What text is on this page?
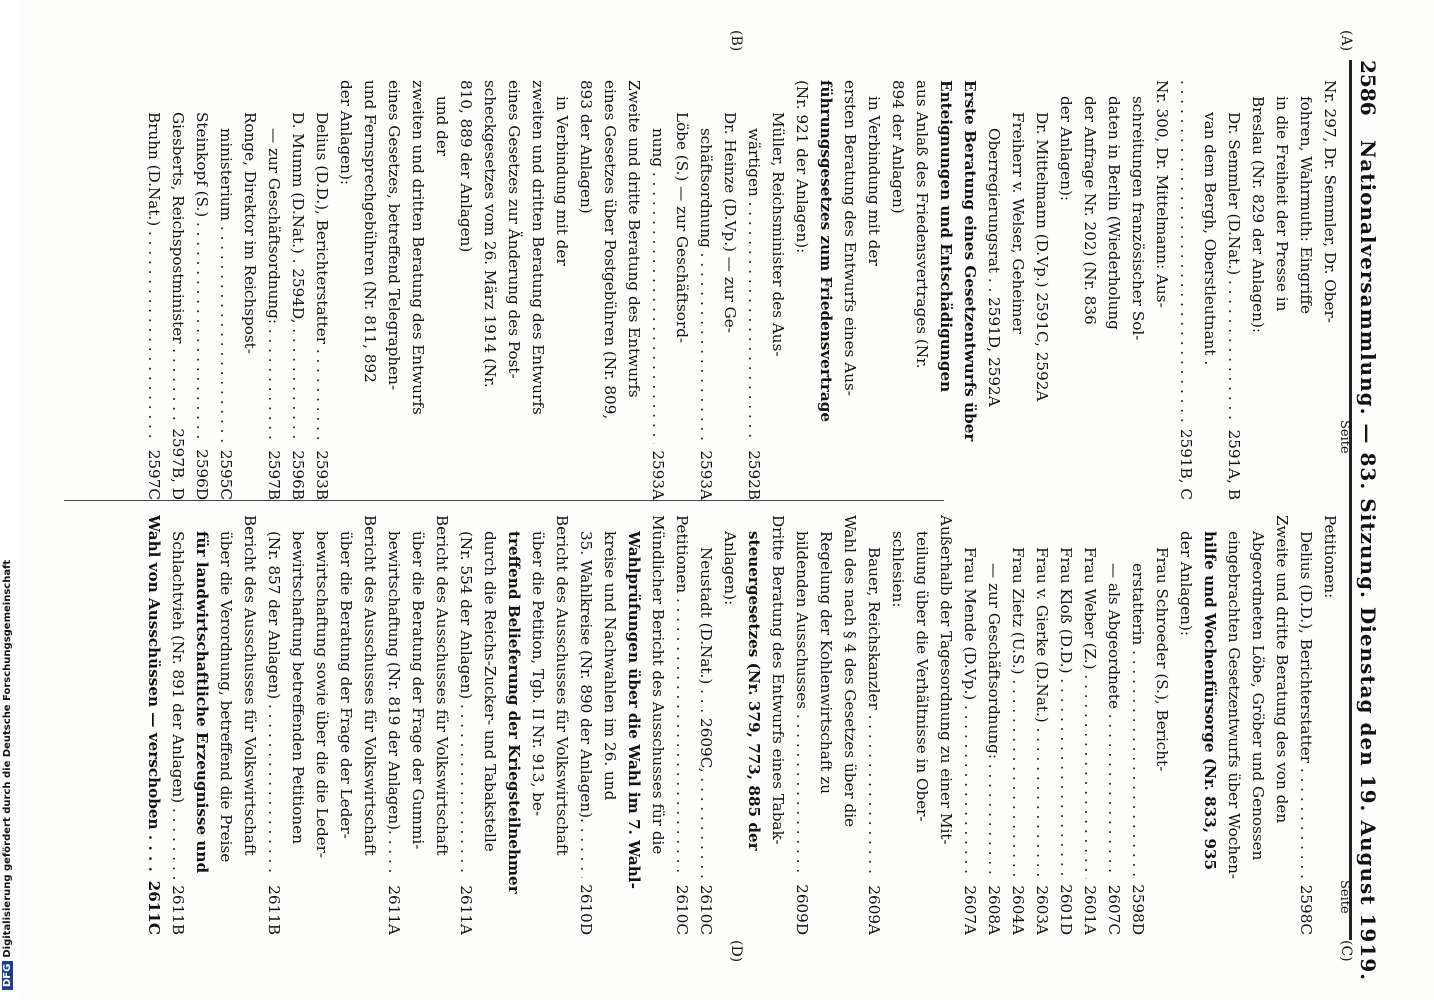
DFGDigitalisierung gefördert durch die Deutsche Forschungsgemeinschaft
2586
Nationalversammlung. — 83. Sitzung. Dienstag den 19. August 1919.
Seite
Seite
(A)
(B)
(C)
(D)
Nr. 297, Dr. Semmler, Dr. Ober-
fohren, Wahrmuth: Eingriffe
in die Freiheit der Presse in
Breslau (Nr. 829 der Anlagen):
Dr. Semmler (D.Nat.) . . . . . .
2591A, B
van dem Bergh, Oberstleutnant .
. . .
2591B, C
Nr. 300, Dr. Mittelmann: Aus-
schreitungen französischer Sol-
daten in Berlin (Wiederholung
der Anfrage Nr. 202) (Nr. 836
der Anlagen):
Dr. Mittelmann (D.Vp.) 2591C, 2592A
Freiherr v. Welser, Geheimer
Oberregierungsrat . . 2591D, 2592A
Erste Beratung eines Gesetzentwurfs über
Enteignungen und Entschädigungen
aus Anlaß des Friedensvertrages (Nr.
894 der Anlagen)
in Verbindung mit der
ersten Beratung des Entwurfs eines Aus-
führungsgesetzes zum Friedensvertrage
(Nr. 921 der Anlagen):
Müller, Reichsminister des Aus-
wärtigen . . .
2592B
Dr. Heinze (D.Vp.) — zur Ge-
schäftsordnung . . .
2593A
Löbe (S.) — zur Geschäftsord-
nung . . .
2593A
Zweite und dritte Beratung des Entwurfs
eines Gesetzes über Postgebühren (Nr. 809,
893 der Anlagen)
in Verbindung mit der
zweiten und dritten Beratung des Entwurfs
eines Gesetzes zur Änderung des Post-
scheckgesetzes vom 26. März 1914 (Nr.
810, 889 der Anlagen)
und der
zweiten und dritten Beratung des Entwurfs
eines Gesetzes, betreffend Telegraphen-
und Fernsprechgebühren (Nr. 811, 892
der Anlagen):
Delius (D.D.), Berichterstatter . . .
2593B
D. Mumm (D.Nat.) . 2594D, . . .
2596B
— zur Geschäftsordnung: . . .
2597B
Ronge, Direktor im Reichspost-
ministerium . . .
2595C
Steinkopf (S.) . . .
2596D
Giesberts, Reichspostminister . . .
2597B, D
Bruhn (D.Nat.) . . .
2597C
Petitionen:
Delius (D.D.), Berichterstatter . . .
2598C
Zweite und dritte Beratung des von den
Abgeordneten Löbe, Gröber und Genossen
eingebrachten Gesetzentwurfs über Wochen-
hilfe und Wochenfürsorge (Nr. 833, 935
der Anlagen):
Frau Schroeder (S.), Bericht-
erstatterin . . .
2598D
— als Abgeordnete . . .
2607C
Frau Weber (Z.) . . .
2601A
Frau Kloß (D.D.) . . .
2601D
Frau v. Gierke (D.Nat.) . . .
2603A
Frau Zietz (U.S.) . . .
2604A
— zur Geschäftsordnung: . . .
2608A
Frau Mende (D.Vp.) . . .
2607A
Außerhalb der Tagesordnung zu einer Mit-
teilung über die Verhältnisse in Ober-
schlesien:
Bauer, Reichskanzler . . .
2609A
Wahl des nach § 4 des Gesetzes über die
Regelung der Kohlenwirtschaft zu
bildenden Ausschusses . . .
2609D
Dritte Beratung des Entwurfs eines Tabak-
steuergesetzes (Nr. 379, 773, 885 der
Anlagen):
Neustadt (D.Nat.) . . . 2609C, . . .
2610C
Petitionen . . .
2610C
Mündlicher Bericht des Ausschusses für die
Wahlprüfungen über die Wahl im 7. Wahl-
kreise und Nachwahlen im 26. und
35. Wahlkreise (Nr. 890 der Anlagen). . . .
2610D
Bericht des Ausschusses für Volkswirtschaft
über die Petition, Tgb. II Nr. 913, be-
treffend Belieferung der Kriegsteilnehmer
durch die Reichs-Zucker- und Tabakstelle
(Nr. 554 der Anlagen) . . .
2611A
Bericht des Ausschusses für Volkswirtschaft
über die Beratung der Frage der Gummi-
bewirtschaftung (Nr. 819 der Anlagen). . . .
2611A
Bericht des Ausschusses für Volkswirtschaft
über die Beratung der Frage der Leder-
bewirtschaftung sowie über die die Leder-
bewirtschaftung betreffenden Petitionen
(Nr. 857 der Anlagen) . . .
2611B
Bericht des Ausschusses für Volkswirtschaft
über die Verordnung, betreffend die Preise
für landwirtschaftliche Erzeugnisse und
Schlachtvieh (Nr. 891 der Anlagen) . . .
2611B
Wahl von Ausschüssen — verschoben . . .
2611C
